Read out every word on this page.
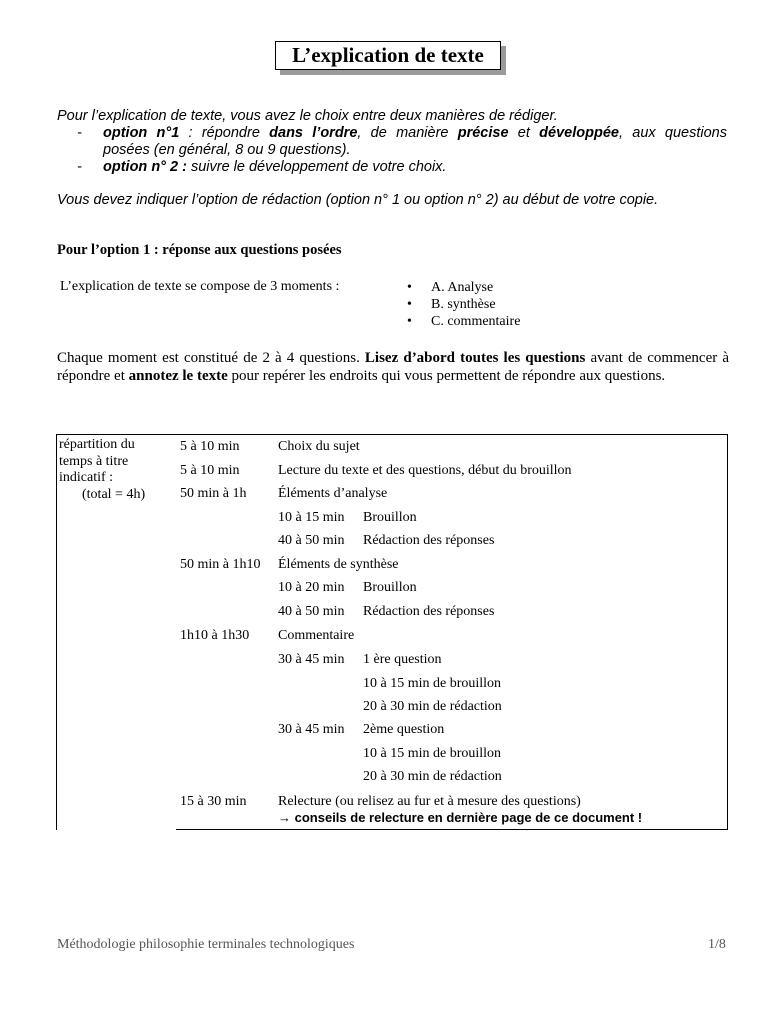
L’explication de texte
Pour l’explication de texte, vous avez le choix entre deux manières de rédiger.
- option n°1 : répondre dans l’ordre, de manière précise et développée, aux questions
posées (en général, 8 ou 9 questions).
- option n° 2 : suivre le développement de votre choix.
Vous devez indiquer l’option de rédaction (option n° 1 ou option n° 2) au début de votre copie.
Pour l’option 1 : réponse aux questions posées
L’explication de texte se compose de 3 moments :
•	A. Analyse
• B. synthèse
• C. commentaire
Chaque moment est constitué de 2 à 4 questions. Lisez d’abord toutes les questions avant de commencer à
répondre et annotez le texte pour repérer les endroits qui vous permettent de répondre aux questions.
répartition du
temps à titre
indicatif :
(total = 4h)
5 à 10 min	Choix du sujet
5 à 10 min	Lecture du texte et des questions, début du brouillon
50 min à 1h Éléments d’analyse
10 à 15 min Brouillon
40 à 50 min Rédaction des réponses
50 min à 1h10 Éléments de synthèse
10 à 20 min Brouillon
40 à 50 min Rédaction des réponses
1h10 à 1h30 Commentaire
30 à 45 min 1 ère question
10 à 15 min de brouillon
20 à 30 min de rédaction
30 à 45 min 2ème question
10 à 15 min de brouillon
20 à 30 min de rédaction
15 à 30 min Relecture (ou relisez au fur et à mesure des questions)
→ conseils de relecture en dernière page de ce document !
Méthodologie philosophie terminales technologiques	1/8
